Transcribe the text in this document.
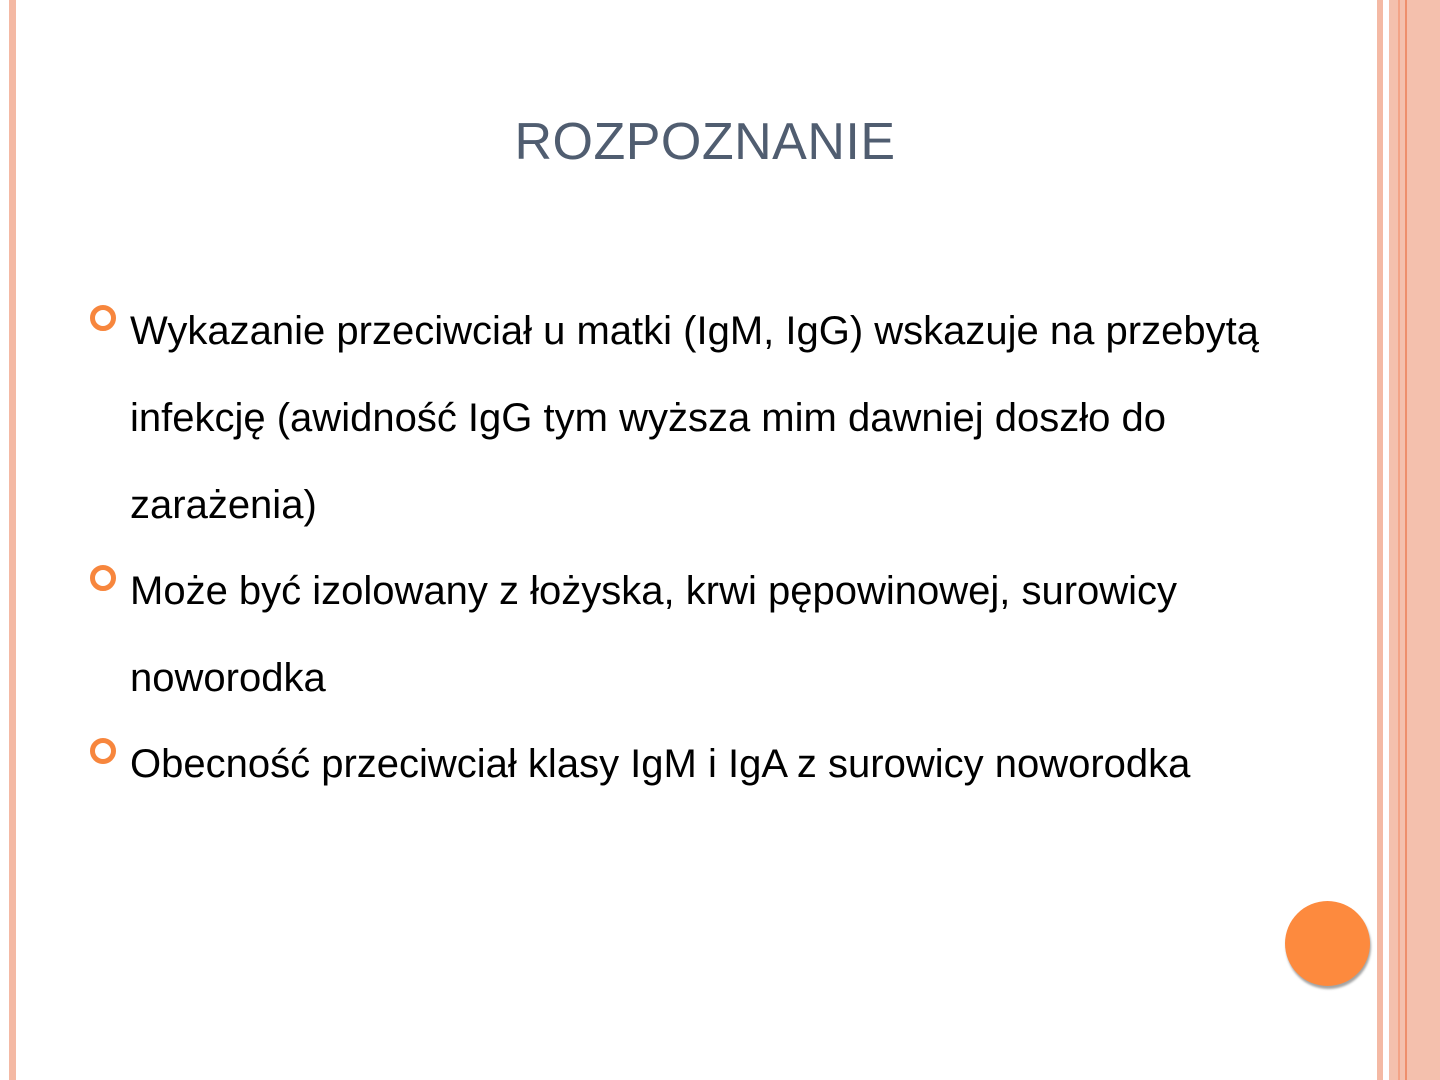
ROZPOZNANIE
Wykazanie przeciwciał u matki (IgM, IgG) wskazuje na przebytą infekcję (awidność IgG tym wyższa mim dawniej doszło do zarażenia)
Może być izolowany z łożyska, krwi pępowinowej, surowicy noworodka
Obecność przeciwciał klasy IgM i IgA z surowicy noworodka
